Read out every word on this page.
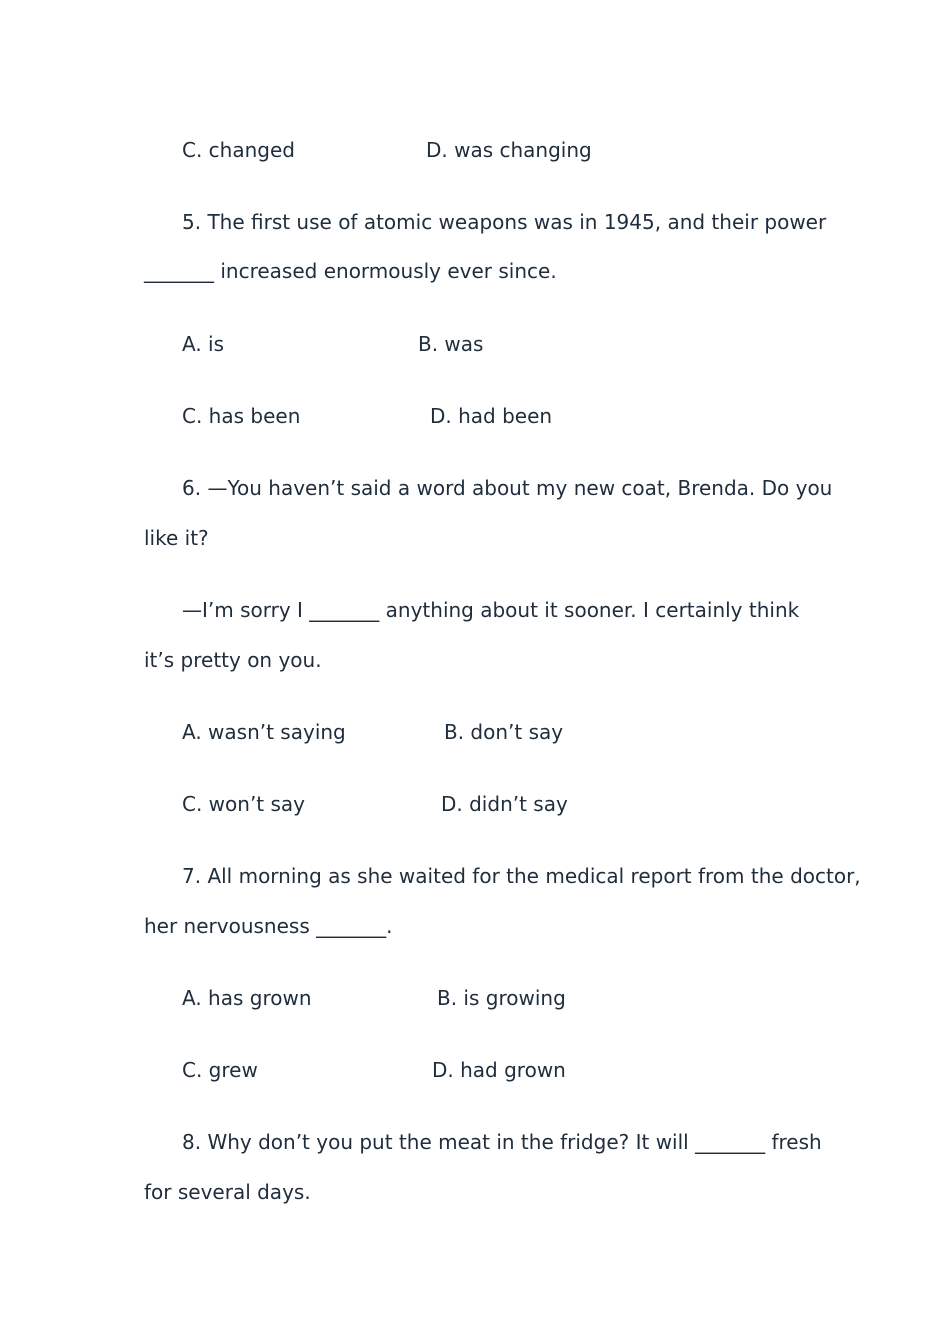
C. changed	D. was changing
5. The first use of atomic weapons was in 1945, and their power
_______ increased enormously ever since.
A. is	B. was
C. has been	D. had been
6. —You haven’t said a word about my new coat, Brenda. Do you
like it?
—I’m sorry I _______ anything about it sooner. I certainly think
it’s pretty on you.
A. wasn’t saying	B. don’t say
C. won’t say	D. didn’t say
7. All morning as she waited for the medical report from the doctor,
her nervousness _______.
A. has grown	B. is growing
C. grew	D. had grown
8. Why don’t you put the meat in the fridge? It will _______ fresh
for several days.
